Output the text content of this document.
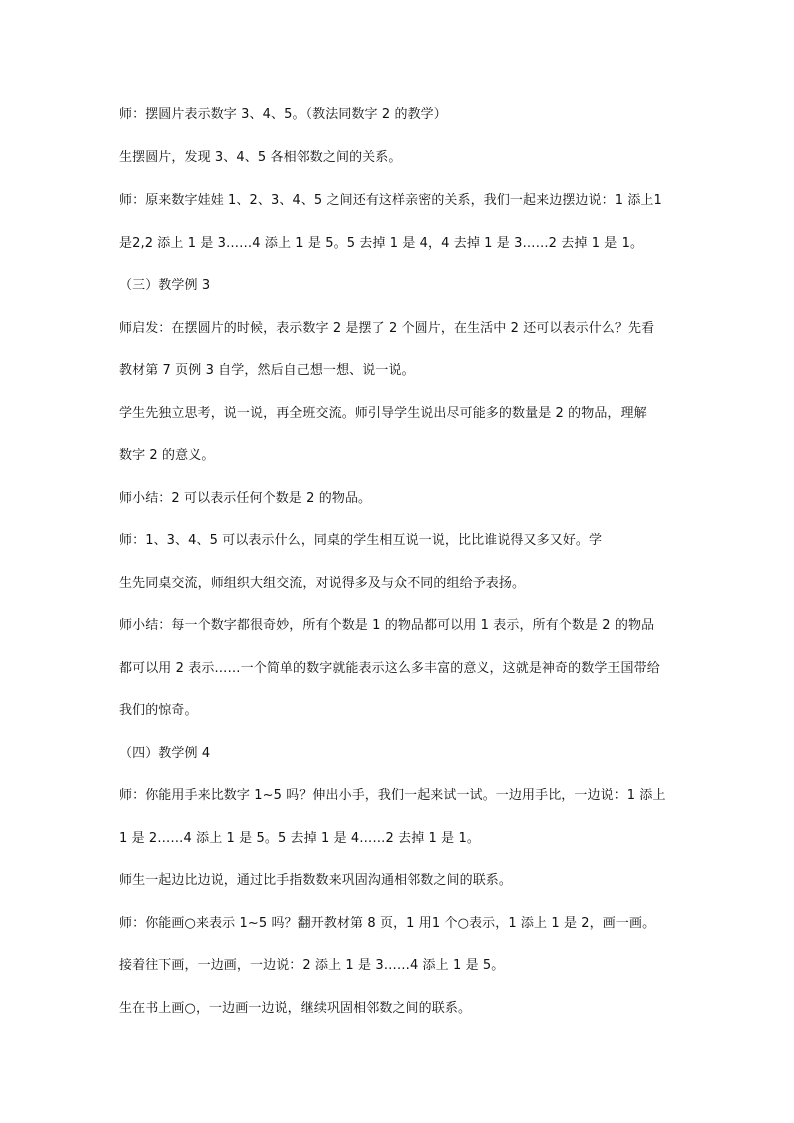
师：摆圆片表示数字 3、4、5。（教法同数字 2 的教学）
生摆圆片，发现 3、4、5 各相邻数之间的关系。
师：原来数字娃娃 1、2、3、4、5 之间还有这样亲密的关系，我们一起来边摆边说：1 添上1
是2,2 添上 1 是 3……4 添上 1 是 5。5 去掉 1 是 4，4 去掉 1 是 3……2 去掉 1 是 1。
（三）教学例 3
师启发：在摆圆片的时候，表示数字 2 是摆了 2 个圆片，在生活中 2 还可以表示什么？先看
教材第 7 页例 3 自学，然后自己想一想、说一说。
学生先独立思考，说一说，再全班交流。师引导学生说出尽可能多的数量是 2 的物品，理解
数字 2 的意义。
师小结：2 可以表示任何个数是 2 的物品。
师：1、3、4、5 可以表示什么，同桌的学生相互说一说，比比谁说得又多又好。学
生先同桌交流，师组织大组交流，对说得多及与众不同的组给予表扬。
师小结：每一个数字都很奇妙，所有个数是 1 的物品都可以用 1 表示，所有个数是 2 的物品
都可以用 2 表示……一个简单的数字就能表示这么多丰富的意义，这就是神奇的数学王国带给
我们的惊奇。
（四）教学例 4
师：你能用手来比数字 1~5 吗？伸出小手，我们一起来试一试。一边用手比，一边说：1 添上
1 是 2……4 添上 1 是 5。5 去掉 1 是 4……2 去掉 1 是 1。
师生一起边比边说，通过比手指数数来巩固沟通相邻数之间的联系。
师：你能画○来表示 1~5 吗？翻开教材第 8 页，1 用1 个○表示，1 添上 1 是 2，画一画。
接着往下画，一边画，一边说：2 添上 1 是 3……4 添上 1 是 5。
生在书上画○，一边画一边说，继续巩固相邻数之间的联系。
